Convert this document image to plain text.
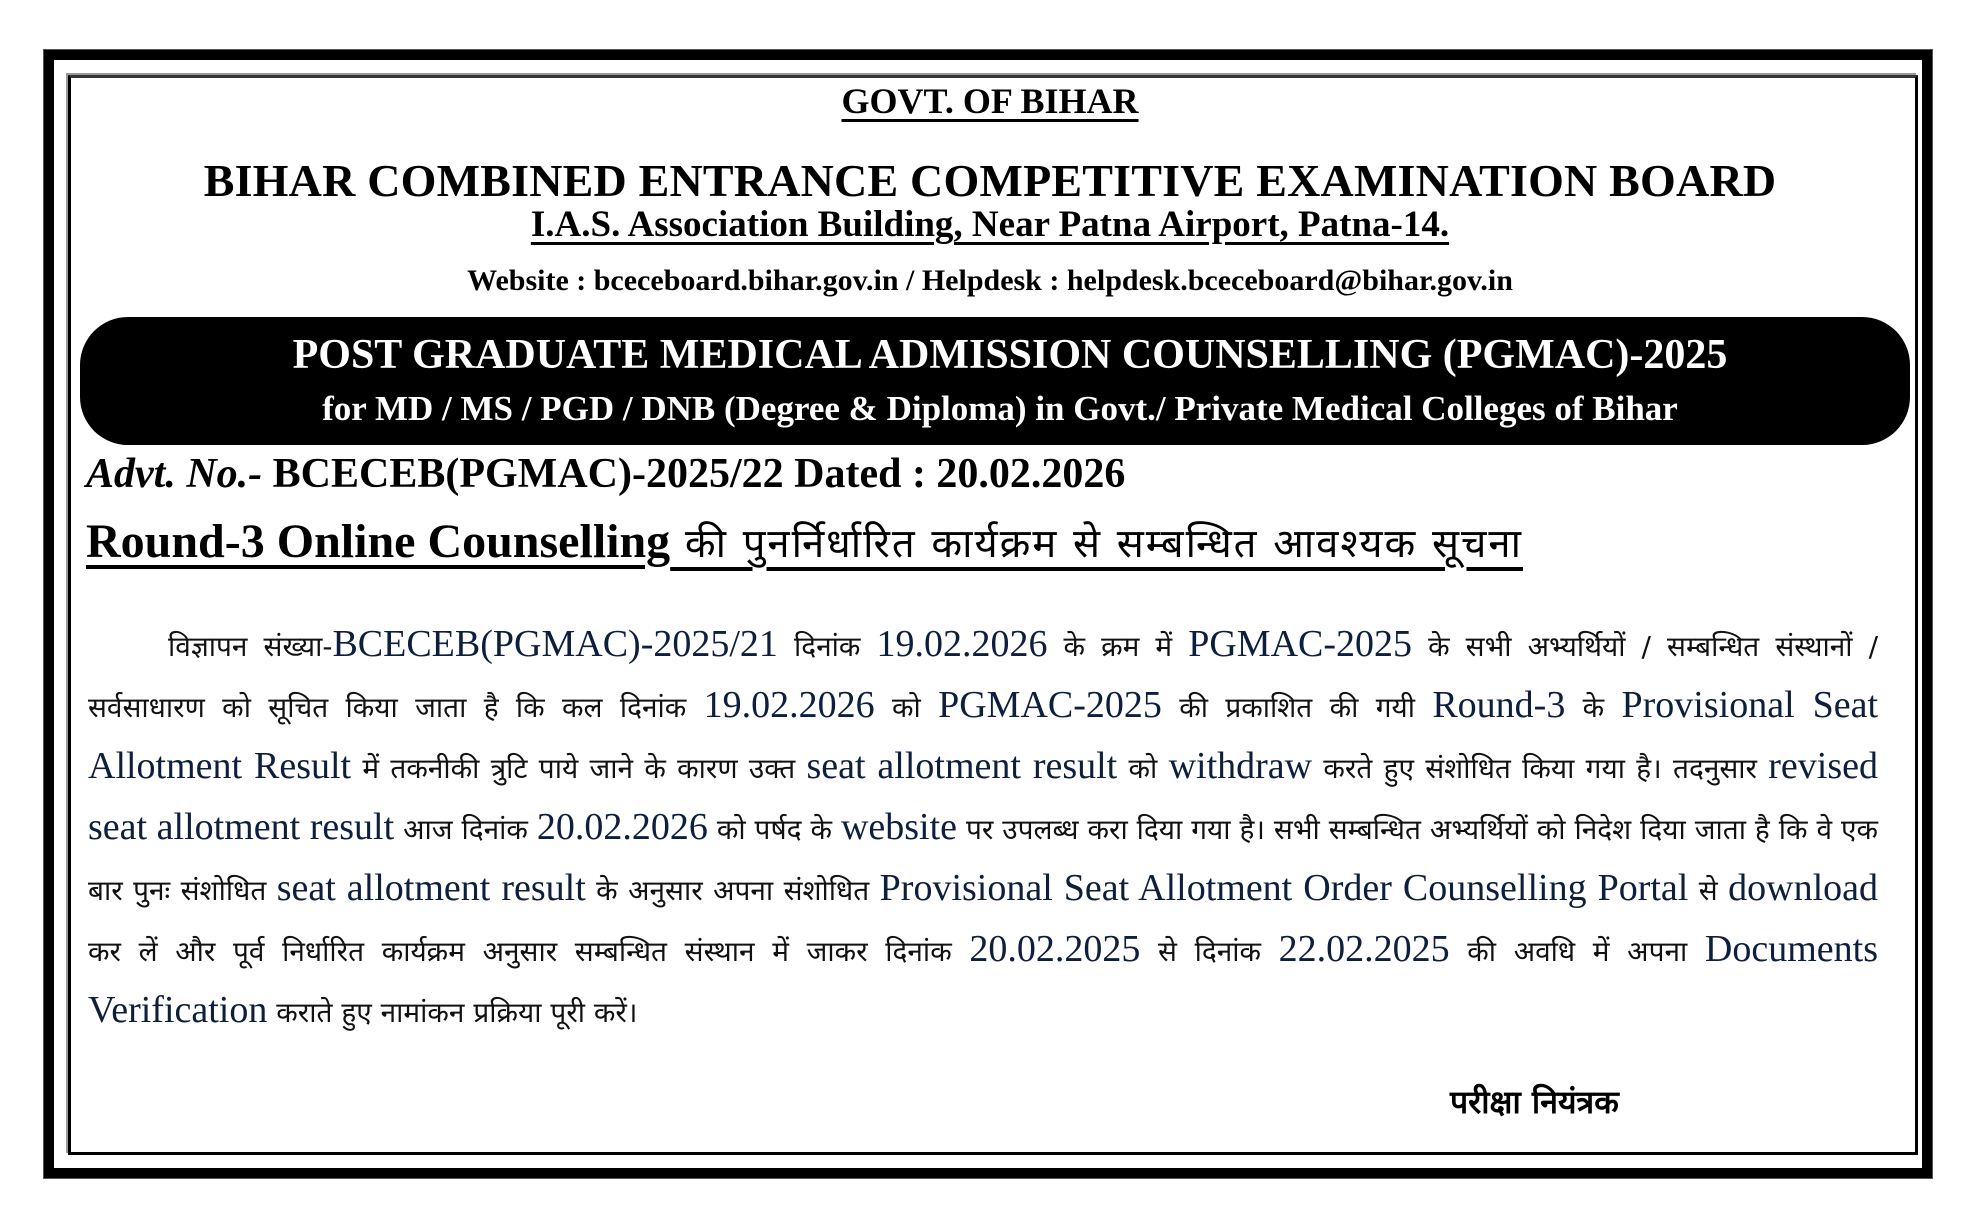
GOVT. OF BIHAR
BIHAR COMBINED ENTRANCE COMPETITIVE EXAMINATION BOARD
I.A.S. Association Building, Near Patna Airport, Patna-14.
Website : bceceboard.bihar.gov.in / Helpdesk : helpdesk.bceceboard@bihar.gov.in
POST GRADUATE MEDICAL ADMISSION COUNSELLING (PGMAC)-2025
for MD / MS / PGD / DNB (Degree & Diploma) in Govt./ Private Medical Colleges of Bihar
Advt. No.- BCECEB(PGMAC)-2025/22 Dated : 20.02.2026
Round-3 Online Counselling की पुनर्निर्धारित कार्यक्रम से सम्बन्धित आवश्यक सूचना
विज्ञापन संख्या-BCECEB(PGMAC)-2025/21 दिनांक 19.02.2026 के क्रम में PGMAC-2025 के सभी अभ्यर्थियों / सम्बन्धित संस्थानों / सर्वसाधारण को सूचित किया जाता है कि कल दिनांक 19.02.2026 को PGMAC-2025 की प्रकाशित की गयी Round-3 के Provisional Seat Allotment Result में तकनीकी त्रुटि पाये जाने के कारण उक्त seat allotment result को withdraw करते हुए संशोधित किया गया है। तदनुसार revised seat allotment result आज दिनांक 20.02.2026 को पर्षद के website पर उपलब्ध करा दिया गया है। सभी सम्बन्धित अभ्यर्थियों को निदेश दिया जाता है कि वे एक बार पुनः संशोधित seat allotment result के अनुसार अपना संशोधित Provisional Seat Allotment Order Counselling Portal से download कर लें और पूर्व निर्धारित कार्यक्रम अनुसार सम्बन्धित संस्थान में जाकर दिनांक 20.02.2025 से दिनांक 22.02.2025 की अवधि में अपना Documents Verification कराते हुए नामांकन प्रक्रिया पूरी करें।
परीक्षा नियंत्रक
